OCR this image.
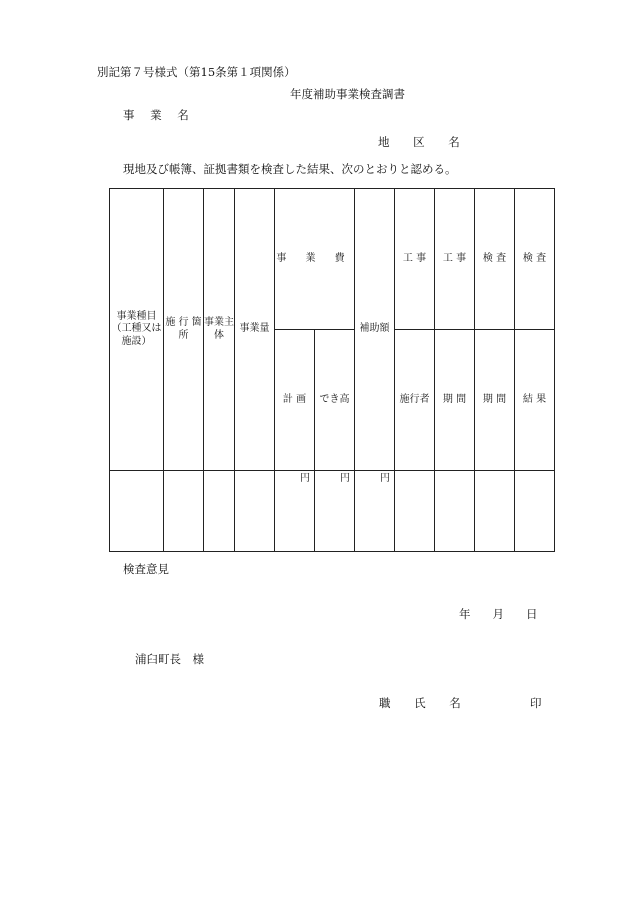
別記第７号様式（第15条第１項関係）
年度補助事業検査調書
事 業 名
地 区 名
現地及び帳簿、証拠書類を検査した結果、次のとおりと認める。
事業種目（工種又は施設）	施 行 箇 所	事業主体	事業量	事 業 費		補助額	工 事	工 事	検 査	検 査
				計 画	でき高		施行者	期 間	期 間	結 果
				円	円	円				
検査意見
年 月 日
浦臼町長　様
職 氏 名	印
